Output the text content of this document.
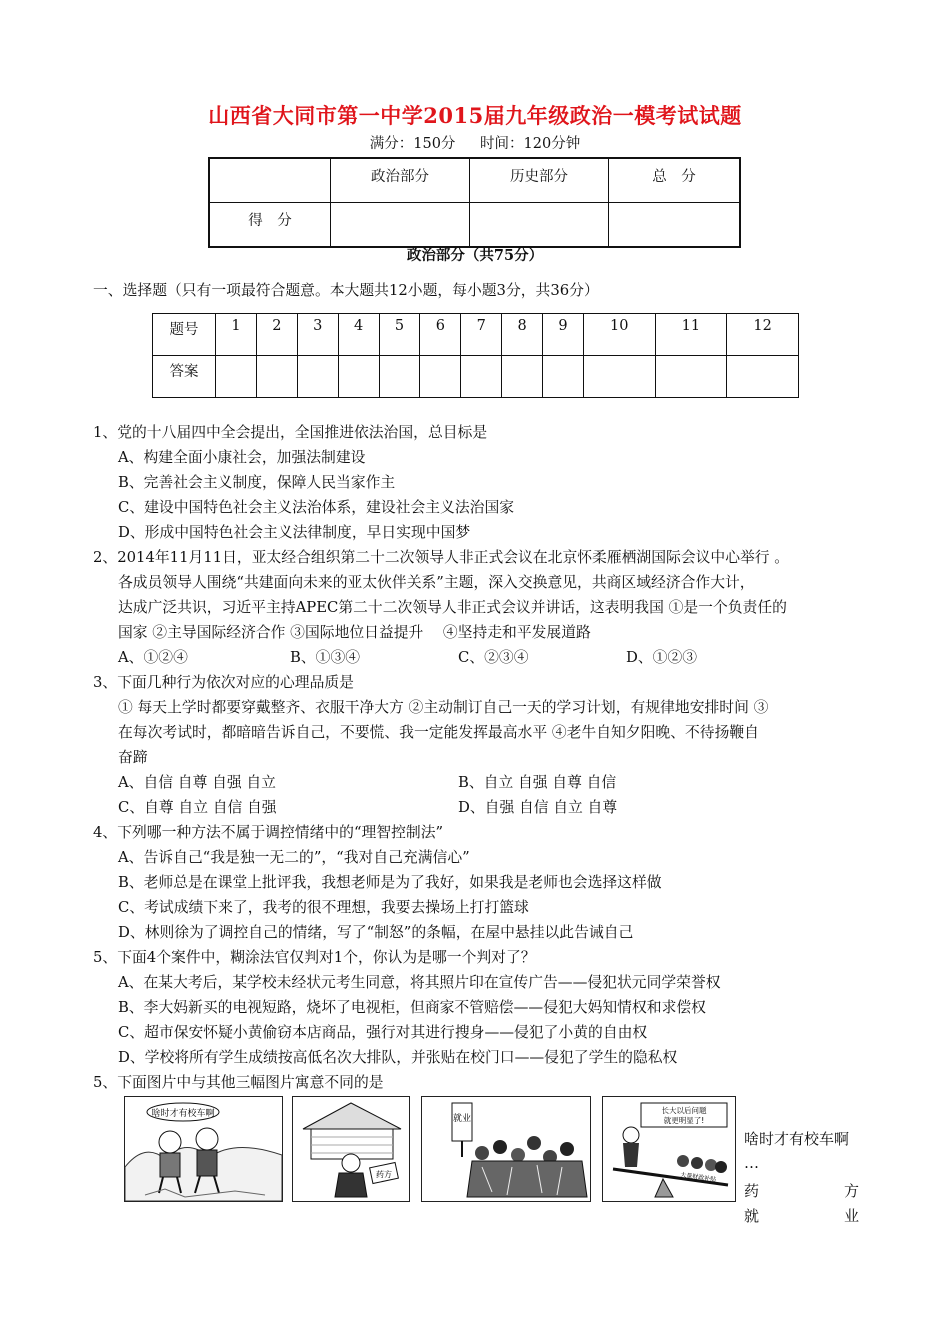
山西省大同市第一中学2015届九年级政治一模考试试题
满分：150分 时间：120分钟
	政治部分	历史部分	总　分
得　分			
政治部分（共75分）
一、选择题（只有一项最符合题意。本大题共12小题，每小题3分，共36分）
题号	1	2	3	4	5	6	7	8	9	10	11	12
答案												
1、党的十八届四中全会提出，全国推进依法治国，总目标是
A、构建全面小康社会，加强法制建设
B、完善社会主义制度，保障人民当家作主
C、建设中国特色社会主义法治体系，建设社会主义法治国家
D、形成中国特色社会主义法律制度，早日实现中国梦
2、2014年11月11日，亚太经合组织第二十二次领导人非正式会议在北京怀柔雁栖湖国际会议中心举行 。
各成员领导人围绕“共建面向未来的亚太伙伴关系”主题，深入交换意见，共商区域经济合作大计，
达成广泛共识，习近平主持APEC第二十二次领导人非正式会议并讲话，这表明我国 ①是一个负责任的
国家 ②主导国际经济合作 ③国际地位日益提升　 ④坚持走和平发展道路
A、①②④	B、①③④	C、②③④	D、①②③
3、下面几种行为依次对应的心理品质是
① 每天上学时都要穿戴整齐、衣服干净大方 ②主动制订自己一天的学习计划，有规律地安排时间 ③
在每次考试时，都暗暗告诉自己，不要慌、我一定能发挥最高水平 ④老牛自知夕阳晚、不待扬鞭自
奋蹄
A、自信 自尊 自强 自立	B、自立 自强 自尊 自信
C、自尊 自立 自信 自强	D、自强 自信 自立 自尊
4、下列哪一种方法不属于调控情绪中的“理智控制法”
A、告诉自己“我是独一无二的”，“我对自己充满信心”
B、老师总是在课堂上批评我，我想老师是为了我好，如果我是老师也会选择这样做
C、考试成绩下来了，我考的很不理想，我要去操场上打打篮球
D、林则徐为了调控自己的情绪，写了“制怒”的条幅，在屋中悬挂以此告诫自己
5、下面4个案件中，糊涂法官仅判对1个，你认为是哪一个判对了？
A、在某大考后，某学校未经状元考生同意，将其照片印在宣传广告——侵犯状元同学荣誉权
B、李大妈新买的电视短路，烧坏了电视柜，但商家不管赔偿——侵犯大妈知情权和求偿权
C、超市保安怀疑小黄偷窃本店商品，强行对其进行搜身——侵犯了小黄的自由权
D、学校将所有学生成绩按高低名次大排队，并张贴在校门口——侵犯了学生的隐私权
5、下面图片中与其他三幅图片寓意不同的是
啥时才有校车啊
药方
就业
长大以后问题
就更明显了!
大量财政补贴
啥时才有校车啊
…
药	方
就	业
